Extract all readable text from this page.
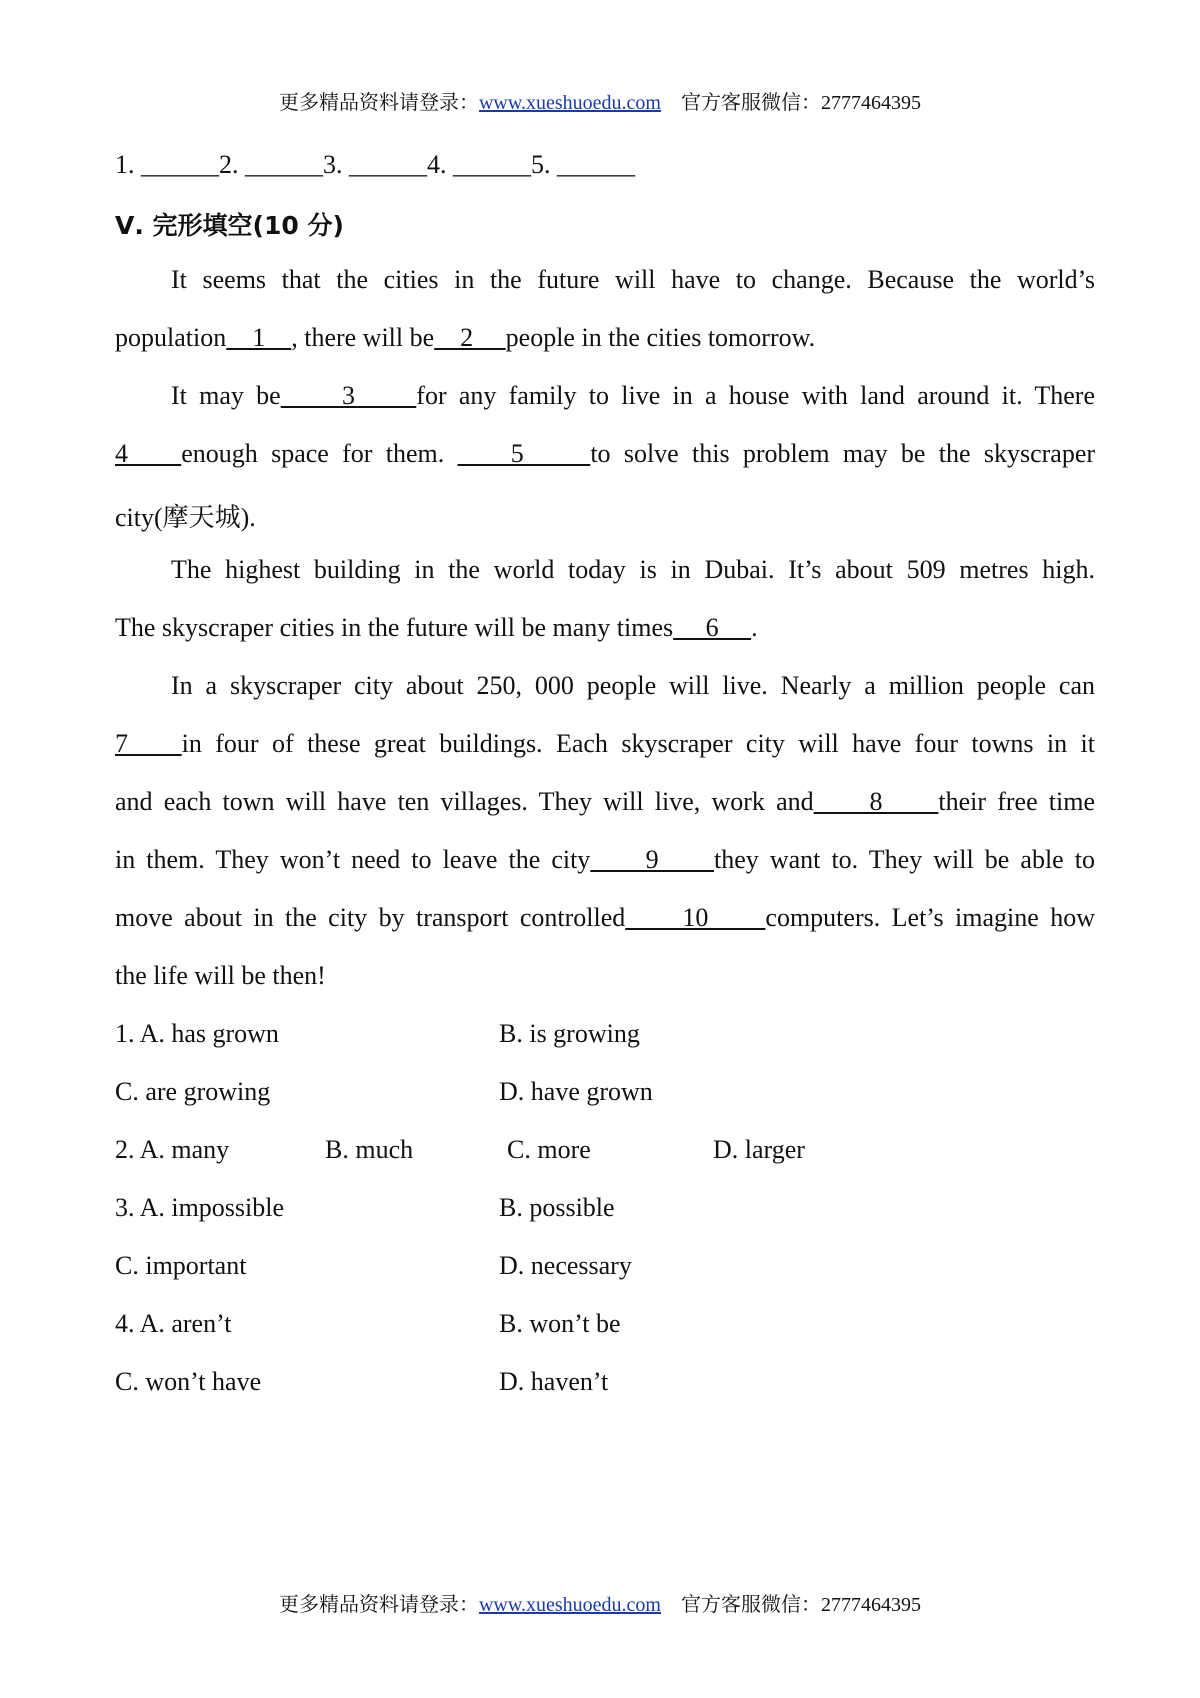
更多精品资料请登录：www.xueshuoedu.com 官方客服微信：2777464395
1. ______2. ______3. ______4. ______5. ______
Ⅴ. 完形填空(10 分)
It seems that the cities in the future will have to change. Because the world’s
population    1    , there will be    2     people in the cities tomorrow.
It may be     3     for any family to live in a house with land around it. There
4    enough space for them.     5     to solve this problem may be the skyscraper
city(摩天城).
The highest building in the world today is in Dubai. It’s about 509 metres high.
The skyscraper cities in the future will be many times     6     .
In a skyscraper city about 250, 000 people will live. Nearly a million people can
7    in four of these great buildings. Each skyscraper city will have four towns in it
and each town will have ten villages. They will live, work and     8     their free time
in them. They won’t need to leave the city     9     they want to. They will be able to
move about in the city by transport controlled     10     computers. Let’s imagine how
the life will be then!
1. A. has grown	B. is growing
C. are growing	D. have grown
2. A. many	B. much	C. more	D. larger
3. A. impossible	B. possible
C. important	D. necessary
4. A. aren’t	B. won’t be
C. won’t have	D. haven’t
更多精品资料请登录：www.xueshuoedu.com 官方客服微信：2777464395
